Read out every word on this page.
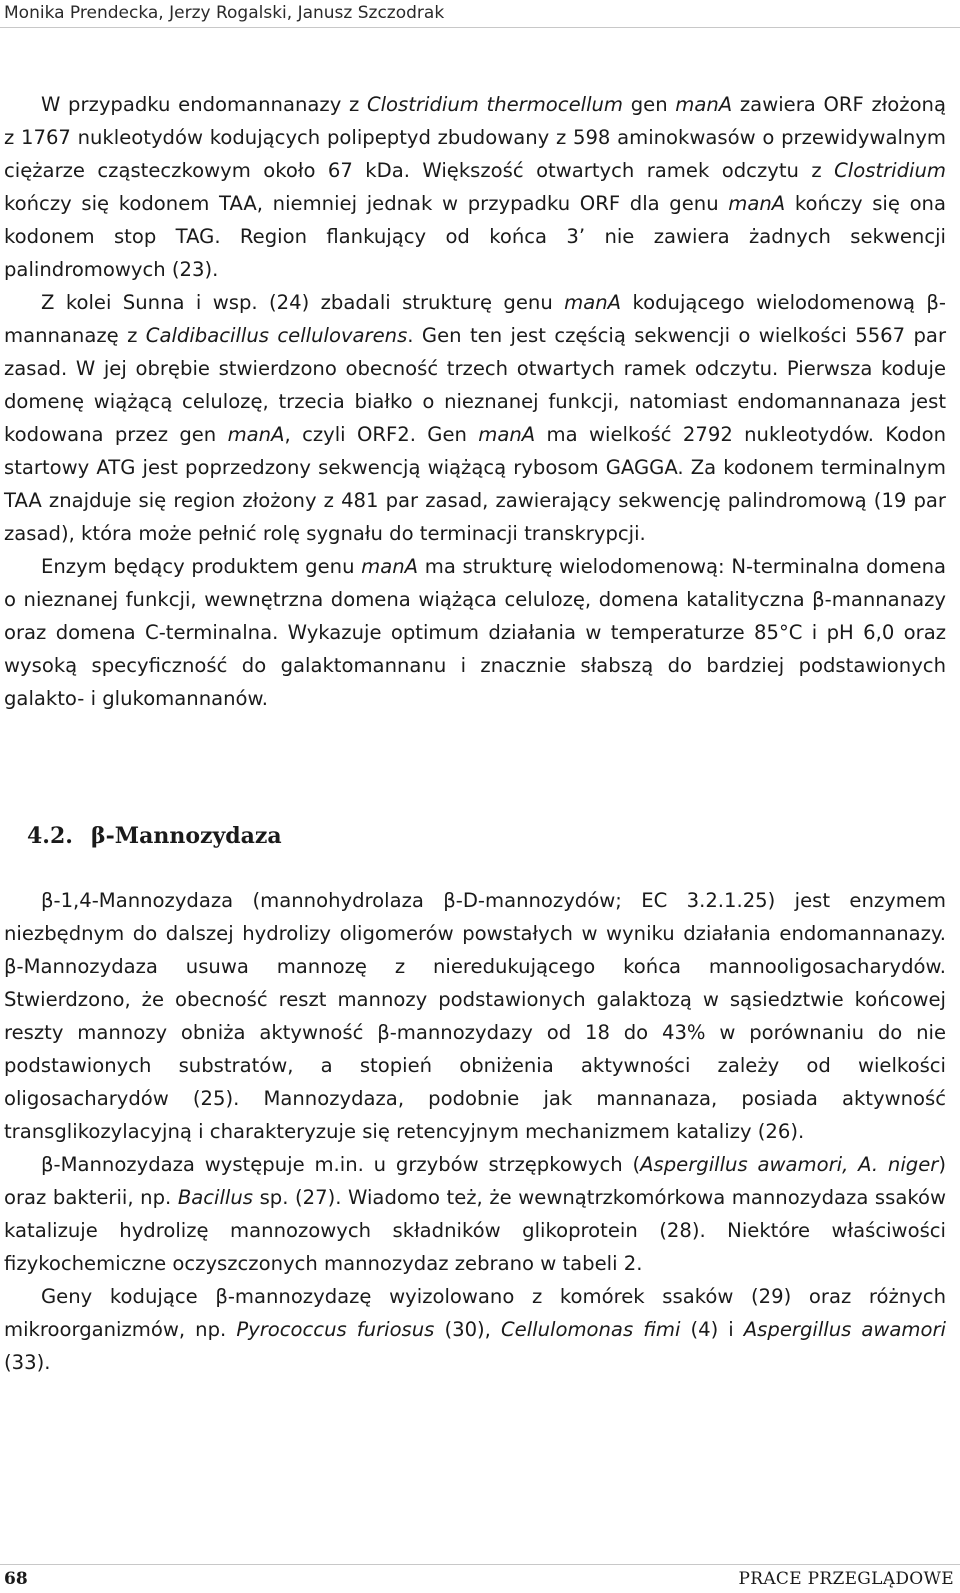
Monika Prendecka, Jerzy Rogalski, Janusz Szczodrak

W przypadku endomannanazy z Clostridium thermocellum gen manA zawiera ORF złożoną z 1767 nukleotydów kodujących polipeptyd zbudowany z 598 aminokwasów o przewidywalnym ciężarze cząsteczkowym około 67 kDa. Większość otwartych ramek odczytu z Clostridium kończy się kodonem TAA, niemniej jednak w przypadku ORF dla genu manA kończy się ona kodonem stop TAG. Region flankujący od końca 3’ nie zawiera żadnych sekwencji palindromowych (23).

Z kolei Sunna i wsp. (24) zbadali strukturę genu manA kodującego wielodomenową β-mannanazę z Caldibacillus cellulovarens. Gen ten jest częścią sekwencji o wielkości 5567 par zasad. W jej obrębie stwierdzono obecność trzech otwartych ramek odczytu. Pierwsza koduje domenę wiążącą celulozę, trzecia białko o nieznanej funkcji, natomiast endomannanaza jest kodowana przez gen manA, czyli ORF2. Gen manA ma wielkość 2792 nukleotydów. Kodon startowy ATG jest poprzedzony sekwencją wiążącą rybosom GAGGA. Za kodonem terminalnym TAA znajduje się region złożony z 481 par zasad, zawierający sekwencję palindromową (19 par zasad), która może pełnić rolę sygnału do terminacji transkrypcji.

Enzym będący produktem genu manA ma strukturę wielodomenową: N-terminalna domena o nieznanej funkcji, wewnętrzna domena wiążąca celulozę, domena katalityczna β-mannanazy oraz domena C-terminalna. Wykazuje optimum działania w temperaturze 85°C i pH 6,0 oraz wysoką specyficzność do galaktomannanu i znacznie słabszą do bardziej podstawionych galakto- i glukomannanów.

4.2. β-Mannozydaza

β-1,4-Mannozydaza (mannohydrolaza β-D-mannozydów; EC 3.2.1.25) jest enzymem niezbędnym do dalszej hydrolizy oligomerów powstałych w wyniku działania endomannanazy. β-Mannozydaza usuwa mannozę z nieredukującego końca mannooligosacharydów. Stwierdzono, że obecność reszt mannozy podstawionych galaktozą w sąsiedztwie końcowej reszty mannozy obniża aktywność β-mannozydazy od 18 do 43% w porównaniu do nie podstawionych substratów, a stopień obniżenia aktywności zależy od wielkości oligosacharydów (25). Mannozydaza, podobnie jak mannanaza, posiada aktywność transglikozylacyjną i charakteryzuje się retencyjnym mechanizmem katalizy (26).

β-Mannozydaza występuje m.in. u grzybów strzępkowych (Aspergillus awamori, A. niger) oraz bakterii, np. Bacillus sp. (27). Wiadomo też, że wewnątrzkomórkowa mannozydaza ssaków katalizuje hydrolizę mannozowych składników glikoprotein (28). Niektóre właściwości fizykochemiczne oczyszczonych mannozydaz zebrano w tabeli 2.

Geny kodujące β-mannozydazę wyizolowano z komórek ssaków (29) oraz różnych mikroorganizmów, np. Pyrococcus furiosus (30), Cellulomonas fimi (4) i Aspergillus awamori (33).

68	PRACE PRZEGLĄDOWE
